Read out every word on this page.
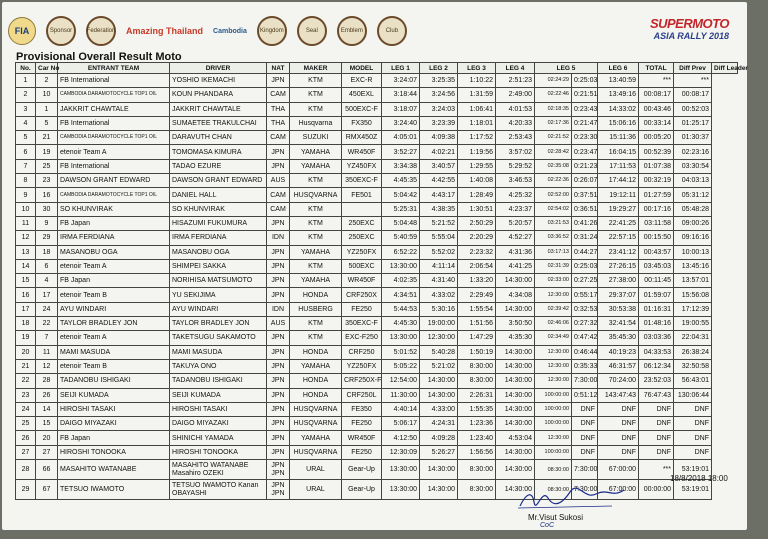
FIA	Sponsor	Federation Amazing Thailand Cambodia	Kingdom	Seal	Emblem	Club	SUPERMOTO
ASIA RALLY 2018
Provisional Overall Result Moto
No.	Car No	ENTRANT TEAM	DRIVER	NAT	MAKER	MODEL	LEG 1	LEG 2	LEG 3	LEG 4	LEG 5		LEG 6	TOTAL	Diff Prev	Diff Leader
1	2	FB International	YOSHIO IKEMACHI	JPN	KTM	EXC-R	3:24:07	3:25:35	1:10:22	2:51:23	02:24:29	0:25:03	13:40:59	***	***	
2	10	CAMBODIA DARAMOTOCYCLE TOP1 OIL	KOUN PHANDARA	CAM	KTM	450EXL	3:18:44	3:24:56	1:31:59	2:49:00	02:22:46	0:21:51	13:49:16	00:08:17	00:08:17	
3	1	JAKKRIT CHAWTALE	JAKKRIT CHAWTALE	THA	KTM	500EXC-F	3:18:07	3:24:03	1:06:41	4:01:53	02:18:35	0:23:43	14:33:02	00:43:46	00:52:03	
4	5	FB International	SUMAETEE TRAKULCHAI	THA	Husqvarna	FX350	3:24:40	3:23:39	1:18:01	4:20:33	02:17:36	0:21:47	15:06:16	00:33:14	01:25:17	
5	21	CAMBODIA DARAMOTOCYCLE TOP1 OIL	DARAVUTH CHAN	CAM	SUZUKI	RMX450Z	4:05:01	4:09:38	1:17:52	2:53:43	02:21:52	0:23:30	15:11:36	00:05:20	01:30:37	
6	19	etenoir Team A	TOMOMASA KIMURA	JPN	YAMAHA	WR450F	3:52:27	4:02:21	1:19:56	3:57:02	02:28:42	0:23:47	16:04:15	00:52:39	02:23:16	
7	25	FB International	TADAO EZURE	JPN	YAMAHA	YZ450FX	3:34:38	3:40:57	1:29:55	5:29:52	02:35:08	0:21:23	17:11:53	01:07:38	03:30:54	
8	23	DAWSON GRANT EDWARD	DAWSON GRANT EDWARD	AUS	KTM	350EXC-F	4:45:35	4:42:55	1:40:08	3:46:53	02:22:36	0:26:07	17:44:12	00:32:19	04:03:13	
9	16	CAMBODIA DARAMOTOCYCLE TOP1 OIL	DANIEL HALL	CAM	HUSQVARNA	FE501	5:04:42	4:43:17	1:28:49	4:25:32	02:52:00	0:37:51	19:12:11	01:27:59	05:31:12	
10	30	SO KHUNVIRAK	SO KHUNVIRAK	CAM	KTM		5:25:31	4:38:35	1:30:51	4:23:37	02:54:02	0:36:51	19:29:27	00:17:16	05:48:28	
11	9	FB Japan	HISAZUMI FUKUMURA	JPN	KTM	250EXC	5:04:48	5:21:52	2:50:29	5:20:57	03:21:53	0:41:26	22:41:25	03:11:58	09:00:26	
12	29	IRMA FERDIANA	IRMA FERDIANA	IDN	KTM	250EXC	5:40:59	5:55:04	2:20:29	4:52:27	03:36:52	0:31:24	22:57:15	00:15:50	09:16:16	
13	18	MASANOBU OGA	MASANOBU OGA	JPN	YAMAHA	YZ250FX	6:52:22	5:52:02	2:23:32	4:31:36	03:17:13	0:44:27	23:41:12	00:43:57	10:00:13	
14	6	etenoir Team A	SHIMPEI SAKKA	JPN	KTM	500EXC	13:30:00	4:11:14	2:06:54	4:41:25	02:31:39	0:25:03	27:26:15	03:45:03	13:45:16	
15	4	FB Japan	NORIHISA MATSUMOTO	JPN	YAMAHA	WR450F	4:02:35	4:31:40	1:33:20	14:30:00	02:33:00	0:27:25	27:38:00	00:11:45	13:57:01	
16	17	etenoir Team B	YU SEKIJIMA	JPN	HONDA	CRF250X	4:34:51	4:33:02	2:29:49	4:34:08	12:30:00	0:55:17	29:37:07	01:59:07	15:56:08	
17	24	AYU WINDARI	AYU WINDARI	IDN	HUSBERG	FE250	5:44:53	5:30:16	1:55:54	14:30:00	02:39:42	0:32:53	30:53:38	01:16:31	17:12:39	
18	22	TAYLOR BRADLEY JON	TAYLOR BRADLEY JON	AUS	KTM	350EXC-F	4:45:30	19:00:00	1:51:56	3:50:50	02:46:06	0:27:32	32:41:54	01:48:16	19:00:55	
19	7	etenoir Team A	TAKETSUGU SAKAMOTO	JPN	KTM	EXC-F250	13:30:00	12:30:00	1:47:29	4:35:30	02:34:49	0:47:42	35:45:30	03:03:36	22:04:31	
20	11	MAMI MASUDA	MAMI MASUDA	JPN	HONDA	CRF250	5:01:52	5:40:28	1:50:19	14:30:00	12:30:00	0:46:44	40:19:23	04:33:53	26:38:24	
21	12	etenoir Team B	TAKUYA ONO	JPN	YAMAHA	YZ250FX	5:05:22	5:21:02	8:30:00	14:30:00	12:30:00	0:35:33	46:31:57	06:12:34	32:50:58	
22	28	TADANOBU ISHIGAKI	TADANOBU ISHIGAKI	JPN	HONDA	CRF250X-F	12:54:00	14:30:00	8:30:00	14:30:00	12:30:00	7:30:00	70:24:00	23:52:03	56:43:01	
23	26	SEIJI KUMADA	SEIJI KUMADA	JPN	HONDA	CRF250L	11:30:00	14:30:00	2:26:31	14:30:00	100:00:00	0:51:12	143:47:43	76:47:43	130:06:44	
24	14	HIROSHI TASAKI	HIROSHI TASAKI	JPN	HUSQVARNA	FE350	4:40:14	4:33:00	1:55:35	14:30:00	100:00:00	DNF	DNF	DNF	DNF	
25	15	DAIGO MIYAZAKI	DAIGO MIYAZAKI	JPN	HUSQVARNA	FE250	5:06:17	4:24:31	1:23:36	14:30:00	100:00:00	DNF	DNF	DNF	DNF	
26	20	FB Japan	SHINICHI YAMADA	JPN	YAMAHA	WR450F	4:12:50	4:09:28	1:23:40	4:53:04	12:30:00	DNF	DNF	DNF	DNF	
27	27	HIROSHI TONOOKA	HIROSHI TONOOKA	JPN	HUSQVARNA	FE250	12:30:09	5:26:27	1:56:56	14:30:00	100:00:00	DNF	DNF	DNF	DNF	
28	66	MASAHITO WATANABE	MASAHITO WATANABE Masahiro OZEKI	JPN JPN	URAL	Gear-Up	13:30:00	14:30:00	8:30:00	14:30:00	08:30:00	7:30:00	67:00:00	***	53:19:01	
29	67	TETSUO IWAMOTO	TETSUO IWAMOTO Kanan OBAYASHI	JPN JPN	URAL	Gear-Up	13:30:00	14:30:00	8:30:00	14:30:00	08:30:00	7:30:00	67:00:00	00:00:00	53:19:01	
18/8/2018 18:00
Mr.Visut Sukosi
CoC
